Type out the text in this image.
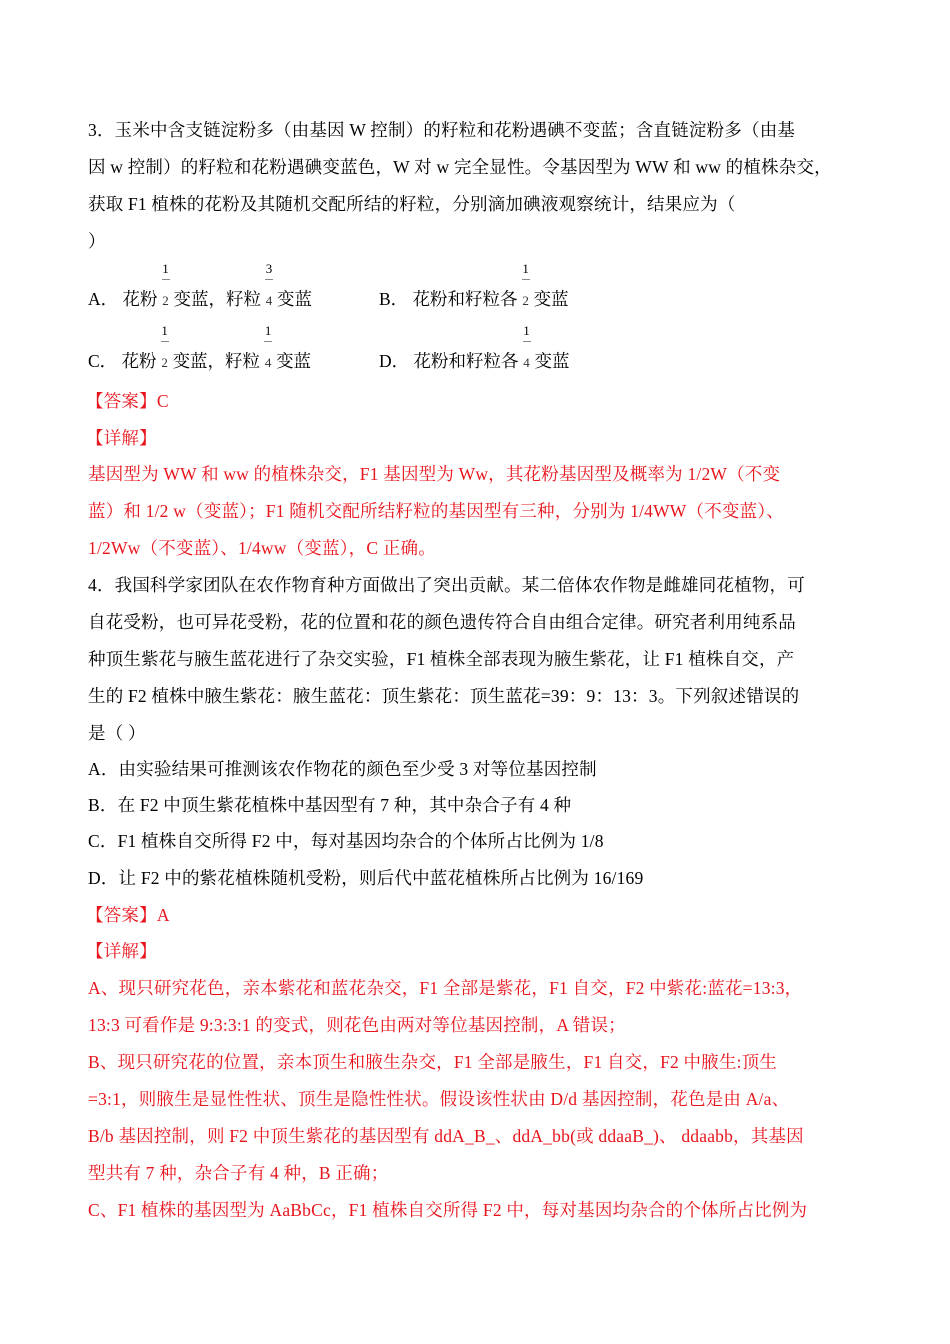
3．玉米中含支链淀粉多（由基因 W 控制）的籽粒和花粉遇碘不变蓝；含直链淀粉多（由基
因 w 控制）的籽粒和花粉遇碘变蓝色，W 对 w 完全显性。令基因型为 WW 和 ww 的植株杂交，
获取 F1 植株的花粉及其随机交配所结的籽粒，分别滴加碘液观察统计，结果应为（
）
A． 花粉 $\frac{1}{2}$ 变蓝，籽粒 $\frac{3}{4}$ 变蓝	B． 花粉和籽粒各 $\frac{1}{2}$ 变蓝
C． 花粉 $\frac{1}{2}$ 变蓝，籽粒 $\frac{1}{4}$ 变蓝	D． 花粉和籽粒各 $\frac{1}{4}$ 变蓝
【答案】C
【详解】
基因型为 WW 和 ww 的植株杂交，F1 基因型为 Ww，其花粉基因型及概率为 1/2W（不变
蓝）和 1/2 w（变蓝）；F1 随机交配所结籽粒的基因型有三种，分别为 1/4WW（不变蓝）、
1/2Ww（不变蓝）、1/4ww（变蓝），C 正确。
4．我国科学家团队在农作物育种方面做出了突出贡献。某二倍体农作物是雌雄同花植物，可
自花受粉，也可异花受粉，花的位置和花的颜色遗传符合自由组合定律。研究者利用纯系品
种顶生紫花与腋生蓝花进行了杂交实验，F1 植株全部表现为腋生紫花，让 F1 植株自交，产
生的 F2 植株中腋生紫花：腋生蓝花：顶生紫花：顶生蓝花=39：9：13：3。下列叙述错误的
是（ ）
A．由实验结果可推测该农作物花的颜色至少受 3 对等位基因控制
B．在 F2 中顶生紫花植株中基因型有 7 种，其中杂合子有 4 种
C．F1 植株自交所得 F2 中，每对基因均杂合的个体所占比例为 1/8
D．让 F2 中的紫花植株随机受粉，则后代中蓝花植株所占比例为 16/169
【答案】A
【详解】
A、现只研究花色，亲本紫花和蓝花杂交，F1 全部是紫花，F1 自交，F2 中紫花:蓝花=13:3，
13:3 可看作是 9:3:3:1 的变式，则花色由两对等位基因控制，A 错误；
B、现只研究花的位置，亲本顶生和腋生杂交，F1 全部是腋生，F1 自交，F2 中腋生:顶生
=3:1，则腋生是显性性状、顶生是隐性性状。假设该性状由 D/d 基因控制，花色是由 A/a、
B/b 基因控制，则 F2 中顶生紫花的基因型有 ddA_B_、ddA_bb(或 ddaaB_)、 ddaabb，其基因
型共有 7 种，杂合子有 4 种，B 正确；
C、F1 植株的基因型为 AaBbCc，F1 植株自交所得 F2 中，每对基因均杂合的个体所占比例为
